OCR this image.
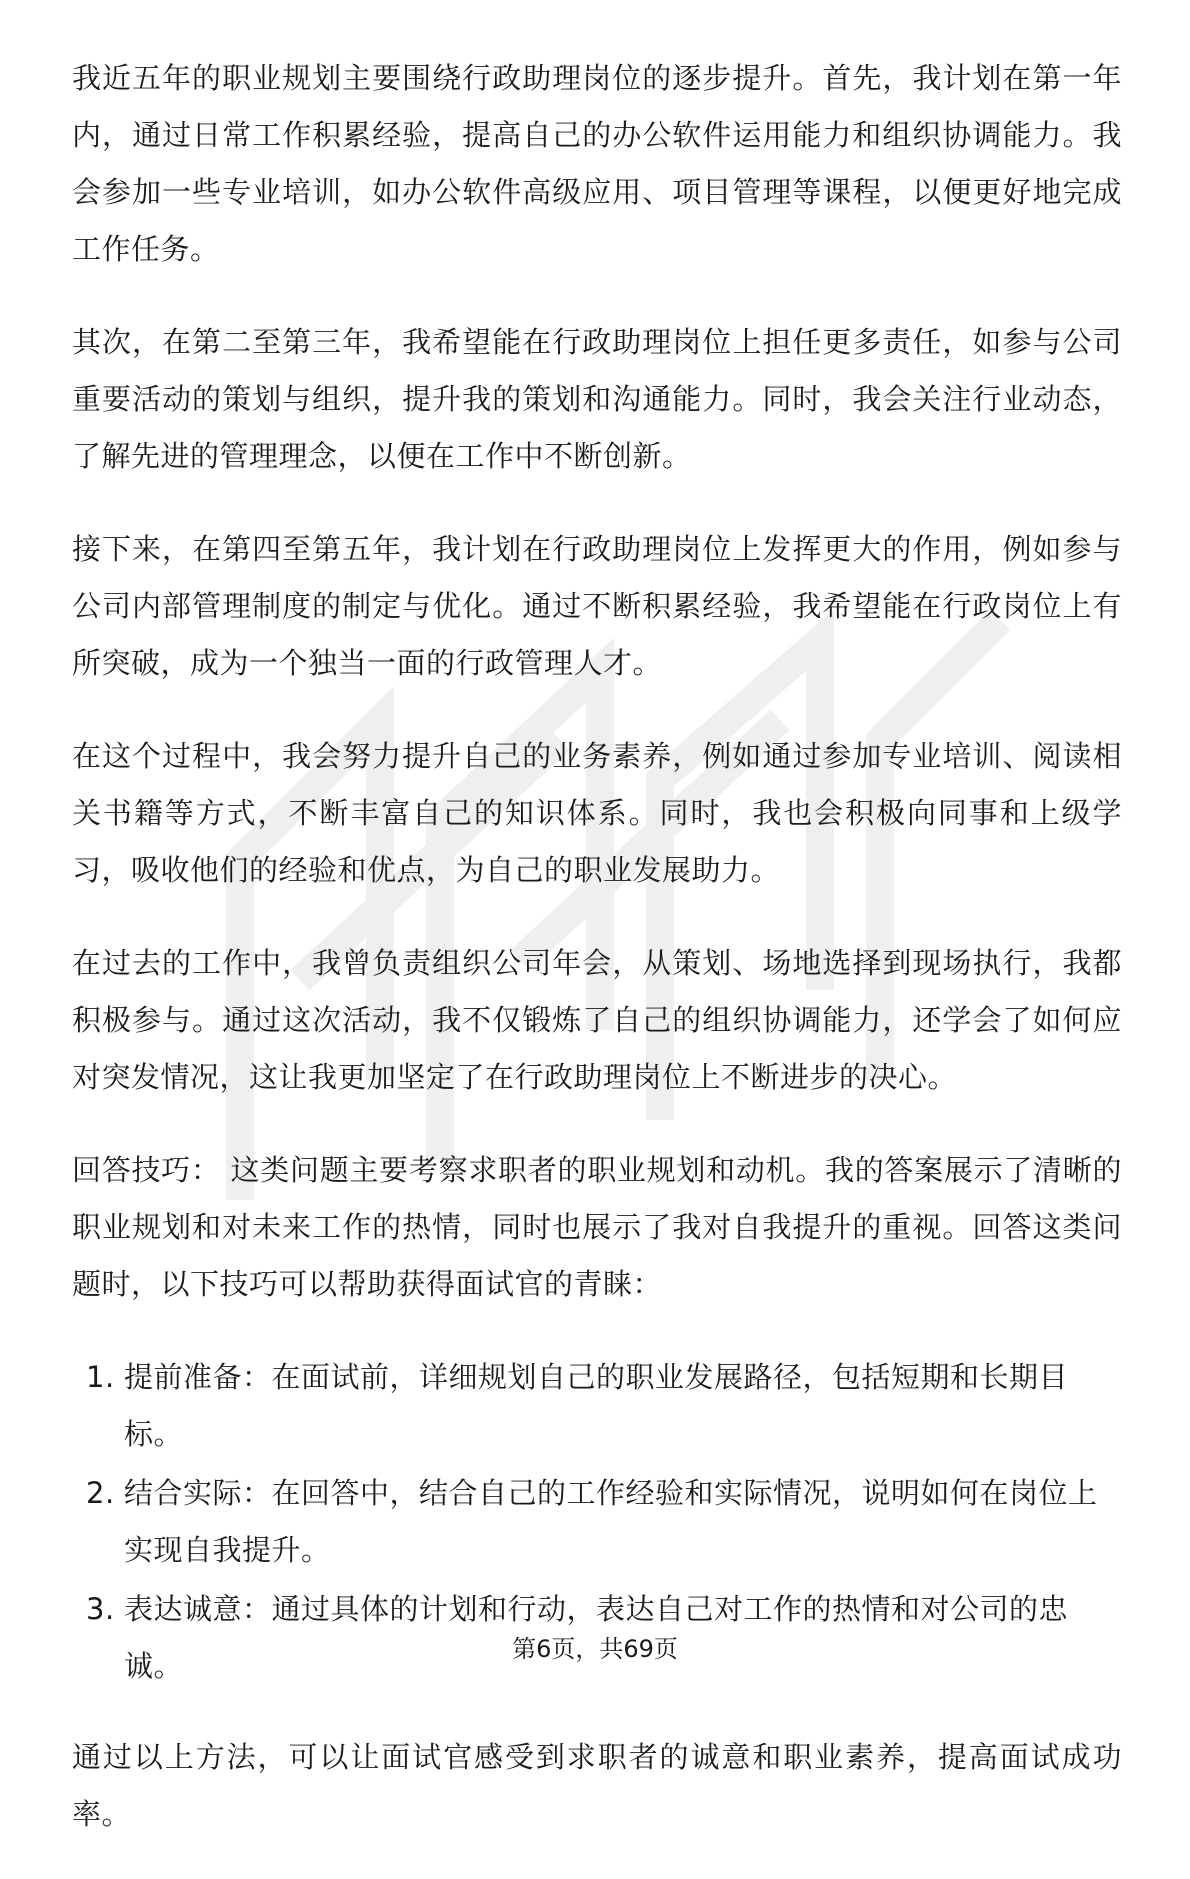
我近五年的职业规划主要围绕行政助理岗位的逐步提升。首先，我计划在第一年内，通过日常工作积累经验，提高自己的办公软件运用能力和组织协调能力。我会参加一些专业培训，如办公软件高级应用、项目管理等课程，以便更好地完成工作任务。

其次，在第二至第三年，我希望能在行政助理岗位上担任更多责任，如参与公司重要活动的策划与组织，提升我的策划和沟通能力。同时，我会关注行业动态，了解先进的管理理念，以便在工作中不断创新。

接下来，在第四至第五年，我计划在行政助理岗位上发挥更大的作用，例如参与公司内部管理制度的制定与优化。通过不断积累经验，我希望能在行政岗位上有所突破，成为一个独当一面的行政管理人才。

在这个过程中，我会努力提升自己的业务素养，例如通过参加专业培训、阅读相关书籍等方式，不断丰富自己的知识体系。同时，我也会积极向同事和上级学习，吸收他们的经验和优点，为自己的职业发展助力。

在过去的工作中，我曾负责组织公司年会，从策划、场地选择到现场执行，我都积极参与。通过这次活动，我不仅锻炼了自己的组织协调能力，还学会了如何应对突发情况，这让我更加坚定了在行政助理岗位上不断进步的决心。

回答技巧： 这类问题主要考察求职者的职业规划和动机。我的答案展示了清晰的职业规划和对未来工作的热情，同时也展示了我对自我提升的重视。回答这类问题时，以下技巧可以帮助获得面试官的青睐：

1. 提前准备：在面试前，详细规划自己的职业发展路径，包括短期和长期目标。
2. 结合实际：在回答中，结合自己的工作经验和实际情况，说明如何在岗位上实现自我提升。
3. 表达诚意：通过具体的计划和行动，表达自己对工作的热情和对公司的忠诚。

通过以上方法，可以让面试官感受到求职者的诚意和职业素养，提高面试成功率。

第6页，共69页
